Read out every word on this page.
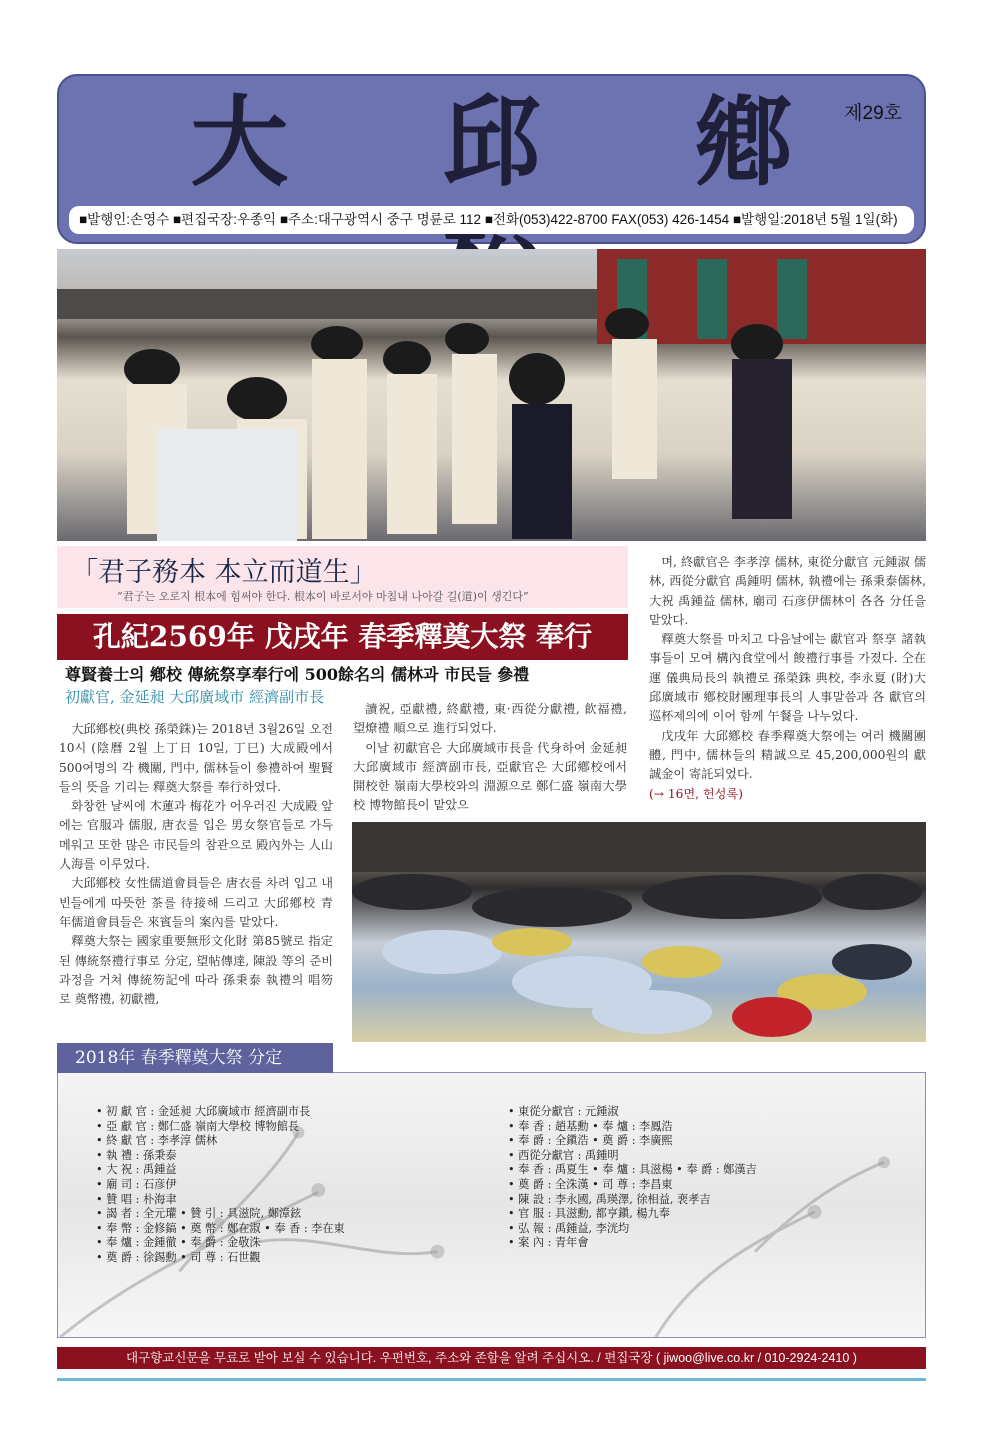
大 邱 鄕
제29호
■발행인:손영수 ■편집국장:우종익 ■주소:대구광역시 중구 명륜로 112 ■전화(053)422-8700 FAX(053) 426-1454 ■발행일:2018년 5월 1일(화)
「君子務本 本立而道生」
“君子는 오로지 根本에 힘써야 한다. 根本이 바로서야 마침내 나아갈 길(道)이 생긴다”
孔紀2569年 戊戌年 春季釋奠大祭 奉行
尊賢養士의 鄕校 傳統祭享奉行에 500餘名의 儒林과 市民들 參禮
初獻官, 金延昶 大邱廣域市 經濟副市長

大邱鄕校(典校 孫榮銖)는 2018년 3월26일 오전10시 (陰曆 2월 上丁日 10일, 丁巳) 大成殿에서 500여명의 각 機關, 門中, 儒林들이 參禮하여 聖賢들의 뜻을 기리는 釋奠大祭를 奉行하였다.

화창한 날씨에 木蓮과 梅花가 어우러진 大成殿 앞에는 官服과 儒服, 唐衣를 입은 男女祭官들로 가득 메워고 또한 많은 市民들의 참관으로 殿內外는 人山人海를 이루었다.

大邱鄕校 女性儒道會員들은 唐衣를 차려 입고 내빈들에게 따뜻한 茶를 待接해 드리고 大邱鄕校 青年儒道會員들은 來賓들의 案內를 맡았다.

釋奠大祭는 國家重要無形文化財 第85號로 指定된 傳統祭禮行事로 分定, 望帖傳達, 陳設 等의 준비 과정을 거쳐 傳統笏記에 따라 孫秉泰 執禮의 唱笏로 奠幣禮, 初獻禮,

讀祝, 亞獻禮, 終獻禮, 東·西從分獻禮, 飮福禮, 望燎禮 順으로 進行되었다.

이날 初獻官은 大邱廣域市長을 代身하여 金延昶 大邱廣域市 經濟副市長, 亞獻官은 大邱鄕校에서 開校한 嶺南大學校와의 淵源으로 鄭仁盛 嶺南大學校 博物館長이 맡았으

며, 終獻官은 李孝淳 儒林, 東從分獻官 元鍾淑 儒林, 西從分獻官 禹鍾明 儒林, 執禮에는 孫秉泰儒林, 大祝 禹鍾益 儒林, 廟司 石彦伊儒林이 各各 分任을 맡았다.

釋奠大祭를 마치고 다음날에는 獻官과 祭享 諸執事들이 모여 構內食堂에서 餕禮行事를 가졌다. 仝在運 儀典局長의 執禮로 孫榮銖 典校, 李永夏 (財)大邱廣域市 鄕校財團理事長의 人事말씀과 各 獻官의 巡杯제의에 이어 함께 午餐을 나누었다.

戊戌年 大邱鄕校 春季釋奠大祭에는 여러 機關團體, 門中, 儒林들의 精誠으로 45,200,000원의 獻誠金이 寄託되었다.

(→ 16면, 헌성록)
• 初 獻 官 : 金延昶 大邱廣域市 經濟副市長
• 亞 獻 官 : 鄭仁盛 嶺南大學校 博物館長
• 終 獻 官 : 李孝淳 儒林
• 執 禮 : 孫秉泰
• 大 祝 : 禹鍾益
• 廟 司 : 石彦伊
• 贊 唱 : 朴海聿
• 謁 者 : 全元瓘 • 贊 引 : 具滋院, 鄭漳鉉
• 奉 幣 : 金修鎬 • 奠 幣 : 鄭在淑 • 奉 香 : 李在東
• 奉 爐 : 金鍾徹 • 奉 爵 : 金敬洙
• 奠 爵 : 徐錫勳 • 司 尊 : 石世觀
• 東從分獻官 : 元鍾淑
• 奉 香 : 趙基勳 • 奉 爐 : 李鳳浩
• 奉 爵 : 全鎭浩 • 奠 爵 : 李廣熙
• 西從分獻官 : 禹鍾明
• 奉 香 : 禹夏生 • 奉 爐 : 具滋楊 • 奉 爵 : 鄭漢吉
• 奠 爵 : 全洙漢 • 司 尊 : 李昌東
• 陳 設 : 李永國, 禹瑛澤, 徐相益, 裵孝吉
• 官 服 : 具滋勳, 都亨鎭, 楊九奉
• 弘 報 : 禹鍾益, 李洸均
• 案 內 : 青年會
2018年 春季釋奠大祭 分定
대구향교신문을 무료로 받아 보실 수 있습니다. 우편번호, 주소와 존함을 알려 주십시오. / 편집국장 ( jiwoo@live.co.kr / 010-2924-2410 )
